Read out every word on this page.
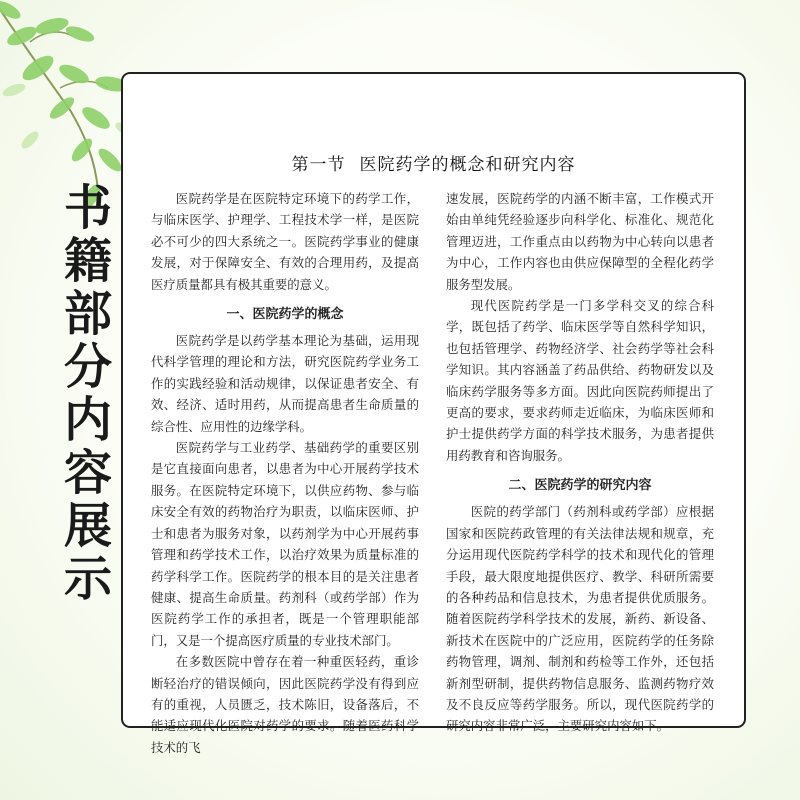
书
籍
部
分
内
容
展
示
第一节 医院药学的概念和研究内容

医院药学是在医院特定环境下的药学工作，与临床医学、护理学、工程技术学一样，是医院必不可少的四大系统之一。医院药学事业的健康发展，对于保障安全、有效的合理用药，及提高医疗质量都具有极其重要的意义。

一、医院药学的概念

医院药学是以药学基本理论为基础，运用现代科学管理的理论和方法，研究医院药学业务工作的实践经验和活动规律，以保证患者安全、有效、经济、适时用药，从而提高患者生命质量的综合性、应用性的边缘学科。

医院药学与工业药学、基础药学的重要区别是它直接面向患者，以患者为中心开展药学技术服务。在医院特定环境下，以供应药物、参与临床安全有效的药物治疗为职责，以临床医师、护士和患者为服务对象，以药剂学为中心开展药事管理和药学技术工作，以治疗效果为质量标准的药学科学工作。医院药学的根本目的是关注患者健康、提高生命质量。药剂科（或药学部）作为医院药学工作的承担者，既是一个管理职能部门，又是一个提高医疗质量的专业技术部门。

在多数医院中曾存在着一种重医轻药，重诊断轻治疗的错误倾向，因此医院药学没有得到应有的重视，人员匮乏，技术陈旧，设备落后，不能适应现代化医院对药学的要求。随着医药科学技术的飞

速发展，医院药学的内涵不断丰富，工作模式开始由单纯凭经验逐步向科学化、标准化、规范化管理迈进，工作重点由以药物为中心转向以患者为中心，工作内容也由供应保障型的全程化药学服务型发展。

现代医院药学是一门多学科交叉的综合科学，既包括了药学、临床医学等自然科学知识，也包括管理学、药物经济学、社会药学等社会科学知识。其内容涵盖了药品供给、药物研发以及临床药学服务等多方面。因此向医院药师提出了更高的要求，要求药师走近临床，为临床医师和护士提供药学方面的科学技术服务，为患者提供用药教育和咨询服务。

二、医院药学的研究内容

医院的药学部门（药剂科或药学部）应根据国家和医院药政管理的有关法律法规和规章，充分运用现代医院药学科学的技术和现代化的管理手段，最大限度地提供医疗、教学、科研所需要的各种药品和信息技术，为患者提供优质服务。随着医院药学科学技术的发展，新药、新设备、新技术在医院中的广泛应用，医院药学的任务除药物管理，调剂、制剂和药检等工作外，还包括新剂型研制，提供药物信息服务、监测药物疗效及不良反应等药学服务。所以，现代医院药学的研究内容非常广泛，主要研究内容如下。
